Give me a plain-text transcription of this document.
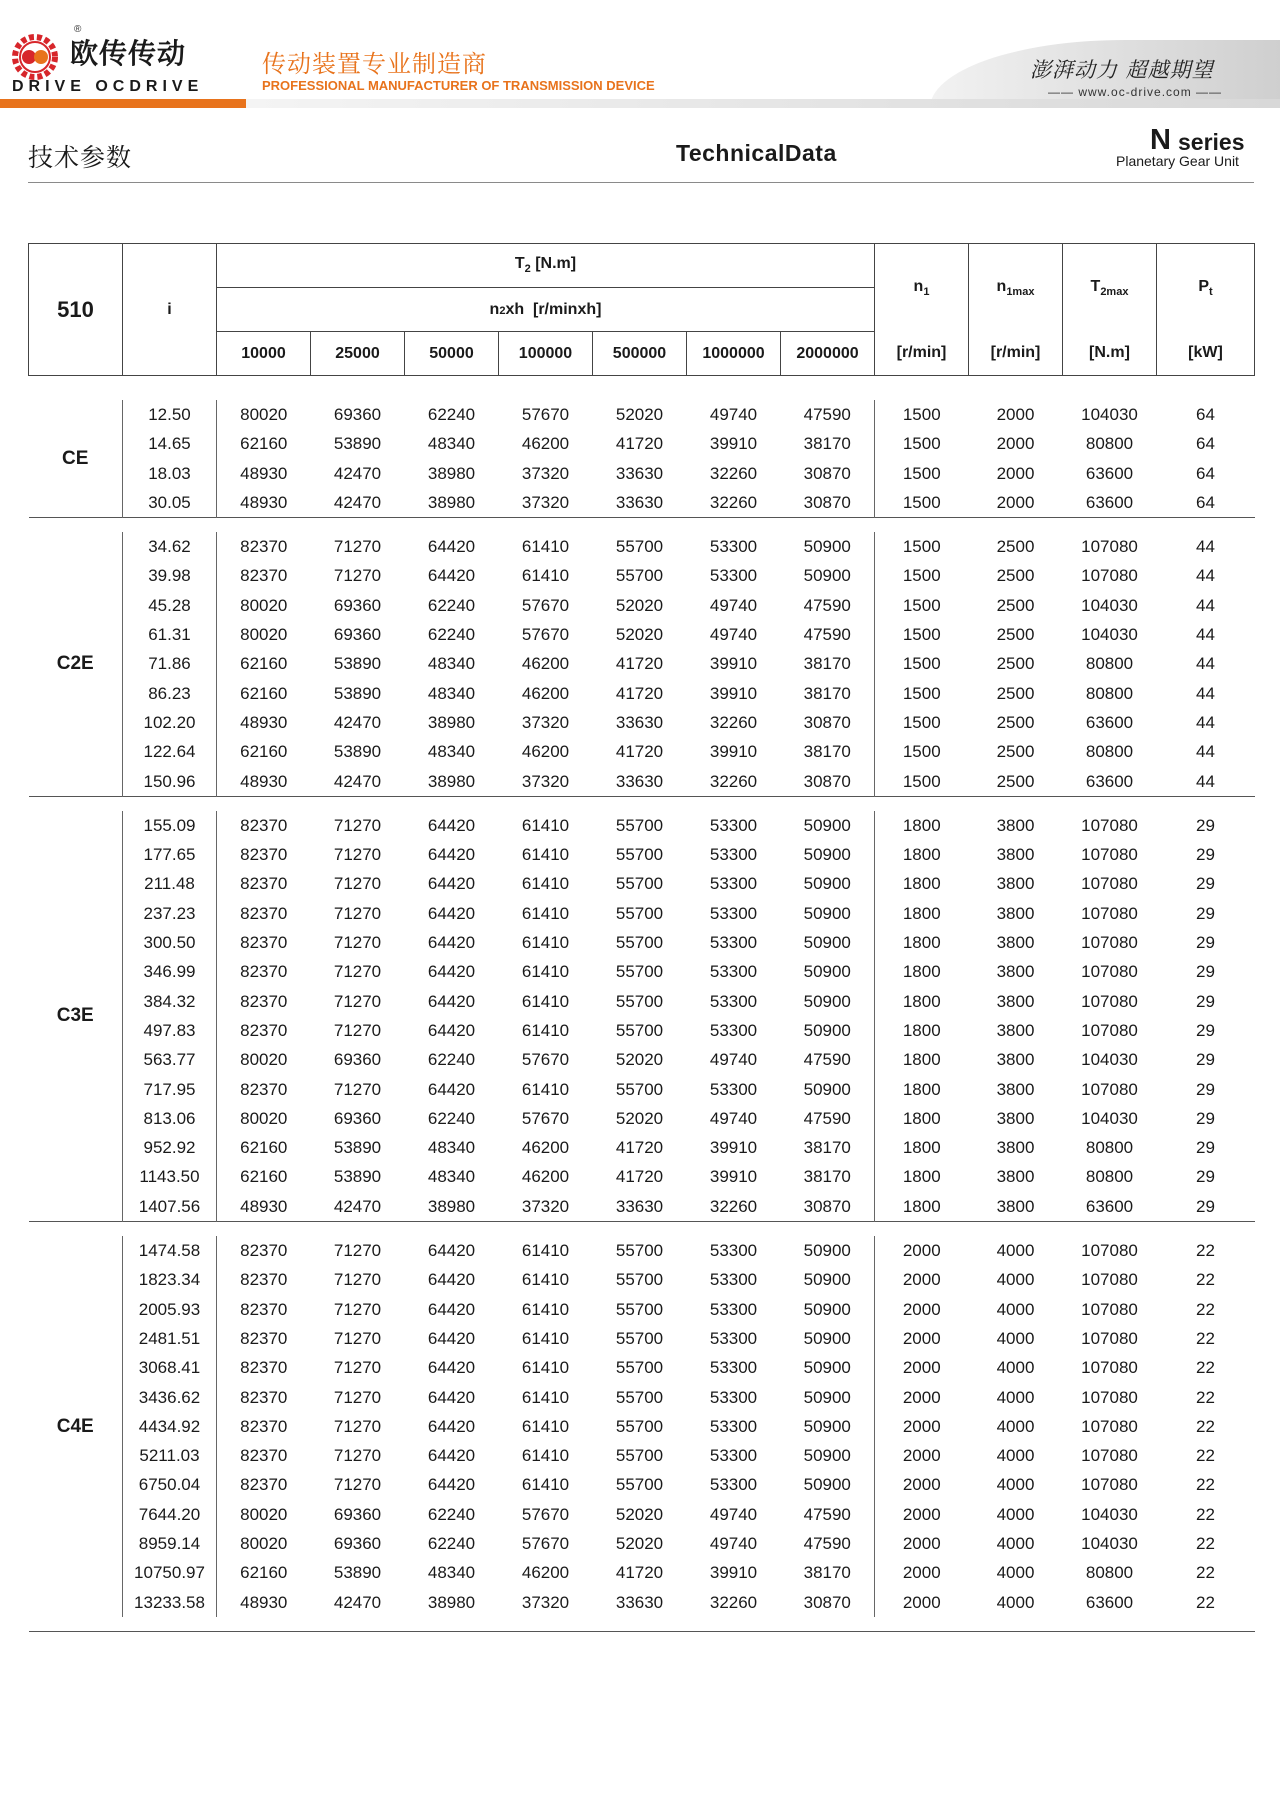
®
欧传传动
DRIVE OCDRIVE
传动装置专业制造商
PROFESSIONAL MANUFACTURER OF TRANSMISSION DEVICE
澎湃动力 超越期望
—— www.oc-drive.com ——
技术参数	TechnicalData	N series
Planetary Gear Unit
510	i	$T_2$ [N.m]							$n_1$	$n_{1max}$	$T_{2max}$	$P_t$
		n2xh  [r/minxh]										
		10000	25000	50000	100000	500000	1000000	2000000	[r/min]	[r/min]	[N.m]	[kW]

CE	12.50	80020	69360	62240	57670	52020	49740	47590	1500	2000	104030	64
	14.65	62160	53890	48340	46200	41720	39910	38170	1500	2000	80800	64
	18.03	48930	42470	38980	37320	33630	32260	30870	1500	2000	63600	64
	30.05	48930	42470	38980	37320	33630	32260	30870	1500	2000	63600	64

C2E	34.62	82370	71270	64420	61410	55700	53300	50900	1500	2500	107080	44
	39.98	82370	71270	64420	61410	55700	53300	50900	1500	2500	107080	44
	45.28	80020	69360	62240	57670	52020	49740	47590	1500	2500	104030	44
	61.31	80020	69360	62240	57670	52020	49740	47590	1500	2500	104030	44
	71.86	62160	53890	48340	46200	41720	39910	38170	1500	2500	80800	44
	86.23	62160	53890	48340	46200	41720	39910	38170	1500	2500	80800	44
	102.20	48930	42470	38980	37320	33630	32260	30870	1500	2500	63600	44
	122.64	62160	53890	48340	46200	41720	39910	38170	1500	2500	80800	44
	150.96	48930	42470	38980	37320	33630	32260	30870	1500	2500	63600	44

C3E	155.09	82370	71270	64420	61410	55700	53300	50900	1800	3800	107080	29
	177.65	82370	71270	64420	61410	55700	53300	50900	1800	3800	107080	29
	211.48	82370	71270	64420	61410	55700	53300	50900	1800	3800	107080	29
	237.23	82370	71270	64420	61410	55700	53300	50900	1800	3800	107080	29
	300.50	82370	71270	64420	61410	55700	53300	50900	1800	3800	107080	29
	346.99	82370	71270	64420	61410	55700	53300	50900	1800	3800	107080	29
	384.32	82370	71270	64420	61410	55700	53300	50900	1800	3800	107080	29
	497.83	82370	71270	64420	61410	55700	53300	50900	1800	3800	107080	29
	563.77	80020	69360	62240	57670	52020	49740	47590	1800	3800	104030	29
	717.95	82370	71270	64420	61410	55700	53300	50900	1800	3800	107080	29
	813.06	80020	69360	62240	57670	52020	49740	47590	1800	3800	104030	29
	952.92	62160	53890	48340	46200	41720	39910	38170	1800	3800	80800	29
	1143.50	62160	53890	48340	46200	41720	39910	38170	1800	3800	80800	29
	1407.56	48930	42470	38980	37320	33630	32260	30870	1800	3800	63600	29

C4E	1474.58	82370	71270	64420	61410	55700	53300	50900	2000	4000	107080	22
	1823.34	82370	71270	64420	61410	55700	53300	50900	2000	4000	107080	22
	2005.93	82370	71270	64420	61410	55700	53300	50900	2000	4000	107080	22
	2481.51	82370	71270	64420	61410	55700	53300	50900	2000	4000	107080	22
	3068.41	82370	71270	64420	61410	55700	53300	50900	2000	4000	107080	22
	3436.62	82370	71270	64420	61410	55700	53300	50900	2000	4000	107080	22
	4434.92	82370	71270	64420	61410	55700	53300	50900	2000	4000	107080	22
	5211.03	82370	71270	64420	61410	55700	53300	50900	2000	4000	107080	22
	6750.04	82370	71270	64420	61410	55700	53300	50900	2000	4000	107080	22
	7644.20	80020	69360	62240	57670	52020	49740	47590	2000	4000	104030	22
	8959.14	80020	69360	62240	57670	52020	49740	47590	2000	4000	104030	22
	10750.97	62160	53890	48340	46200	41720	39910	38170	2000	4000	80800	22
	13233.58	48930	42470	38980	37320	33630	32260	30870	2000	4000	63600	22
